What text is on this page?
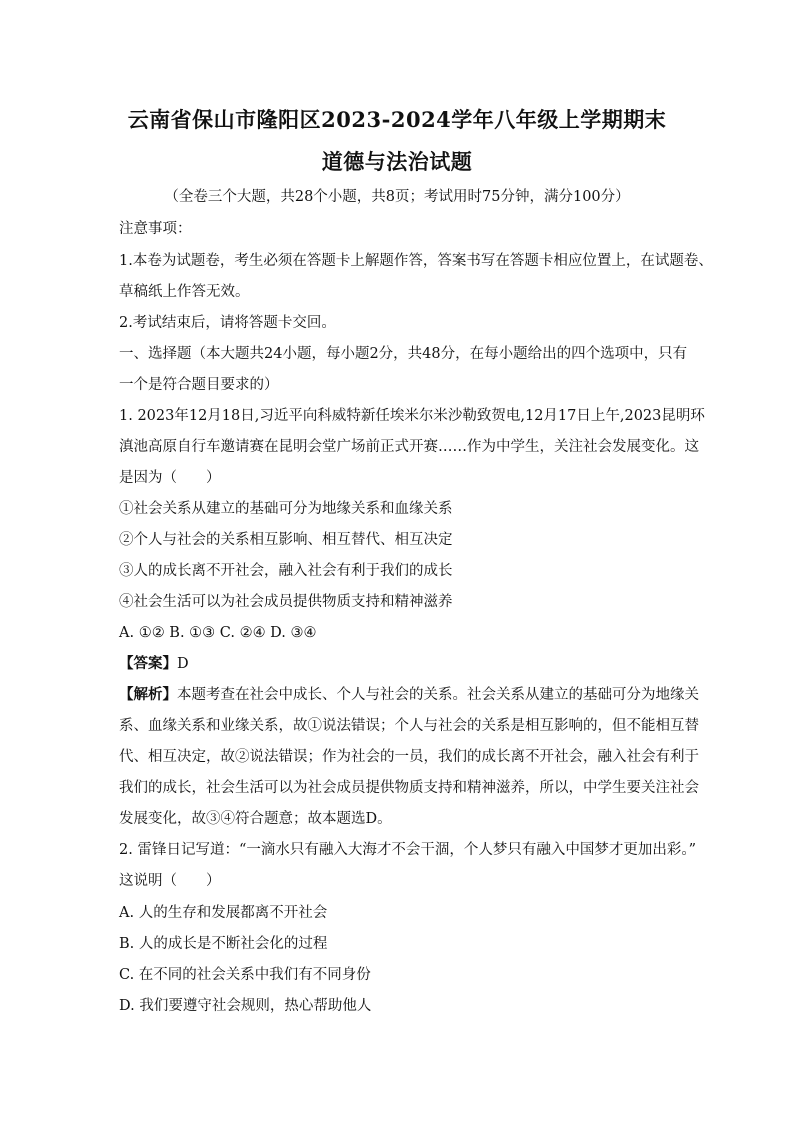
云南省保山市隆阳区2023-2024学年八年级上学期期末
道德与法治试题
（全卷三个大题，共28个小题，共8页；考试用时75分钟，满分100分）
注意事项：
1.本卷为试题卷，考生必须在答题卡上解题作答，答案书写在答题卡相应位置上，在试题卷、
草稿纸上作答无效。
2.考试结束后，请将答题卡交回。
一、选择题（本大题共24小题，每小题2分，共48分，在每小题给出的四个选项中，只有
一个是符合题目要求的）
1. 2023年12月18日,习近平向科威特新任埃米尔米沙勒致贺电,12月17日上午,2023昆明环
滇池高原自行车邀请赛在昆明会堂广场前正式开赛……作为中学生，关注社会发展变化。这
是因为（　　）
①社会关系从建立的基础可分为地缘关系和血缘关系
②个人与社会的关系相互影响、相互替代、相互决定
③人的成长离不开社会，融入社会有利于我们的成长
④社会生活可以为社会成员提供物质支持和精神滋养
A. ①② B. ①③ C. ②④ D. ③④
【答案】D
【解析】本题考查在社会中成长、个人与社会的关系。社会关系从建立的基础可分为地缘关
系、血缘关系和业缘关系，故①说法错误；个人与社会的关系是相互影响的，但不能相互替
代、相互决定，故②说法错误；作为社会的一员，我们的成长离不开社会，融入社会有利于
我们的成长，社会生活可以为社会成员提供物质支持和精神滋养，所以，中学生要关注社会
发展变化，故③④符合题意；故本题选D。
2. 雷锋日记写道：“一滴水只有融入大海才不会干涸，个人梦只有融入中国梦才更加出彩。”
这说明（　　）
A. 人的生存和发展都离不开社会
B. 人的成长是不断社会化的过程
C. 在不同的社会关系中我们有不同身份
D. 我们要遵守社会规则，热心帮助他人
